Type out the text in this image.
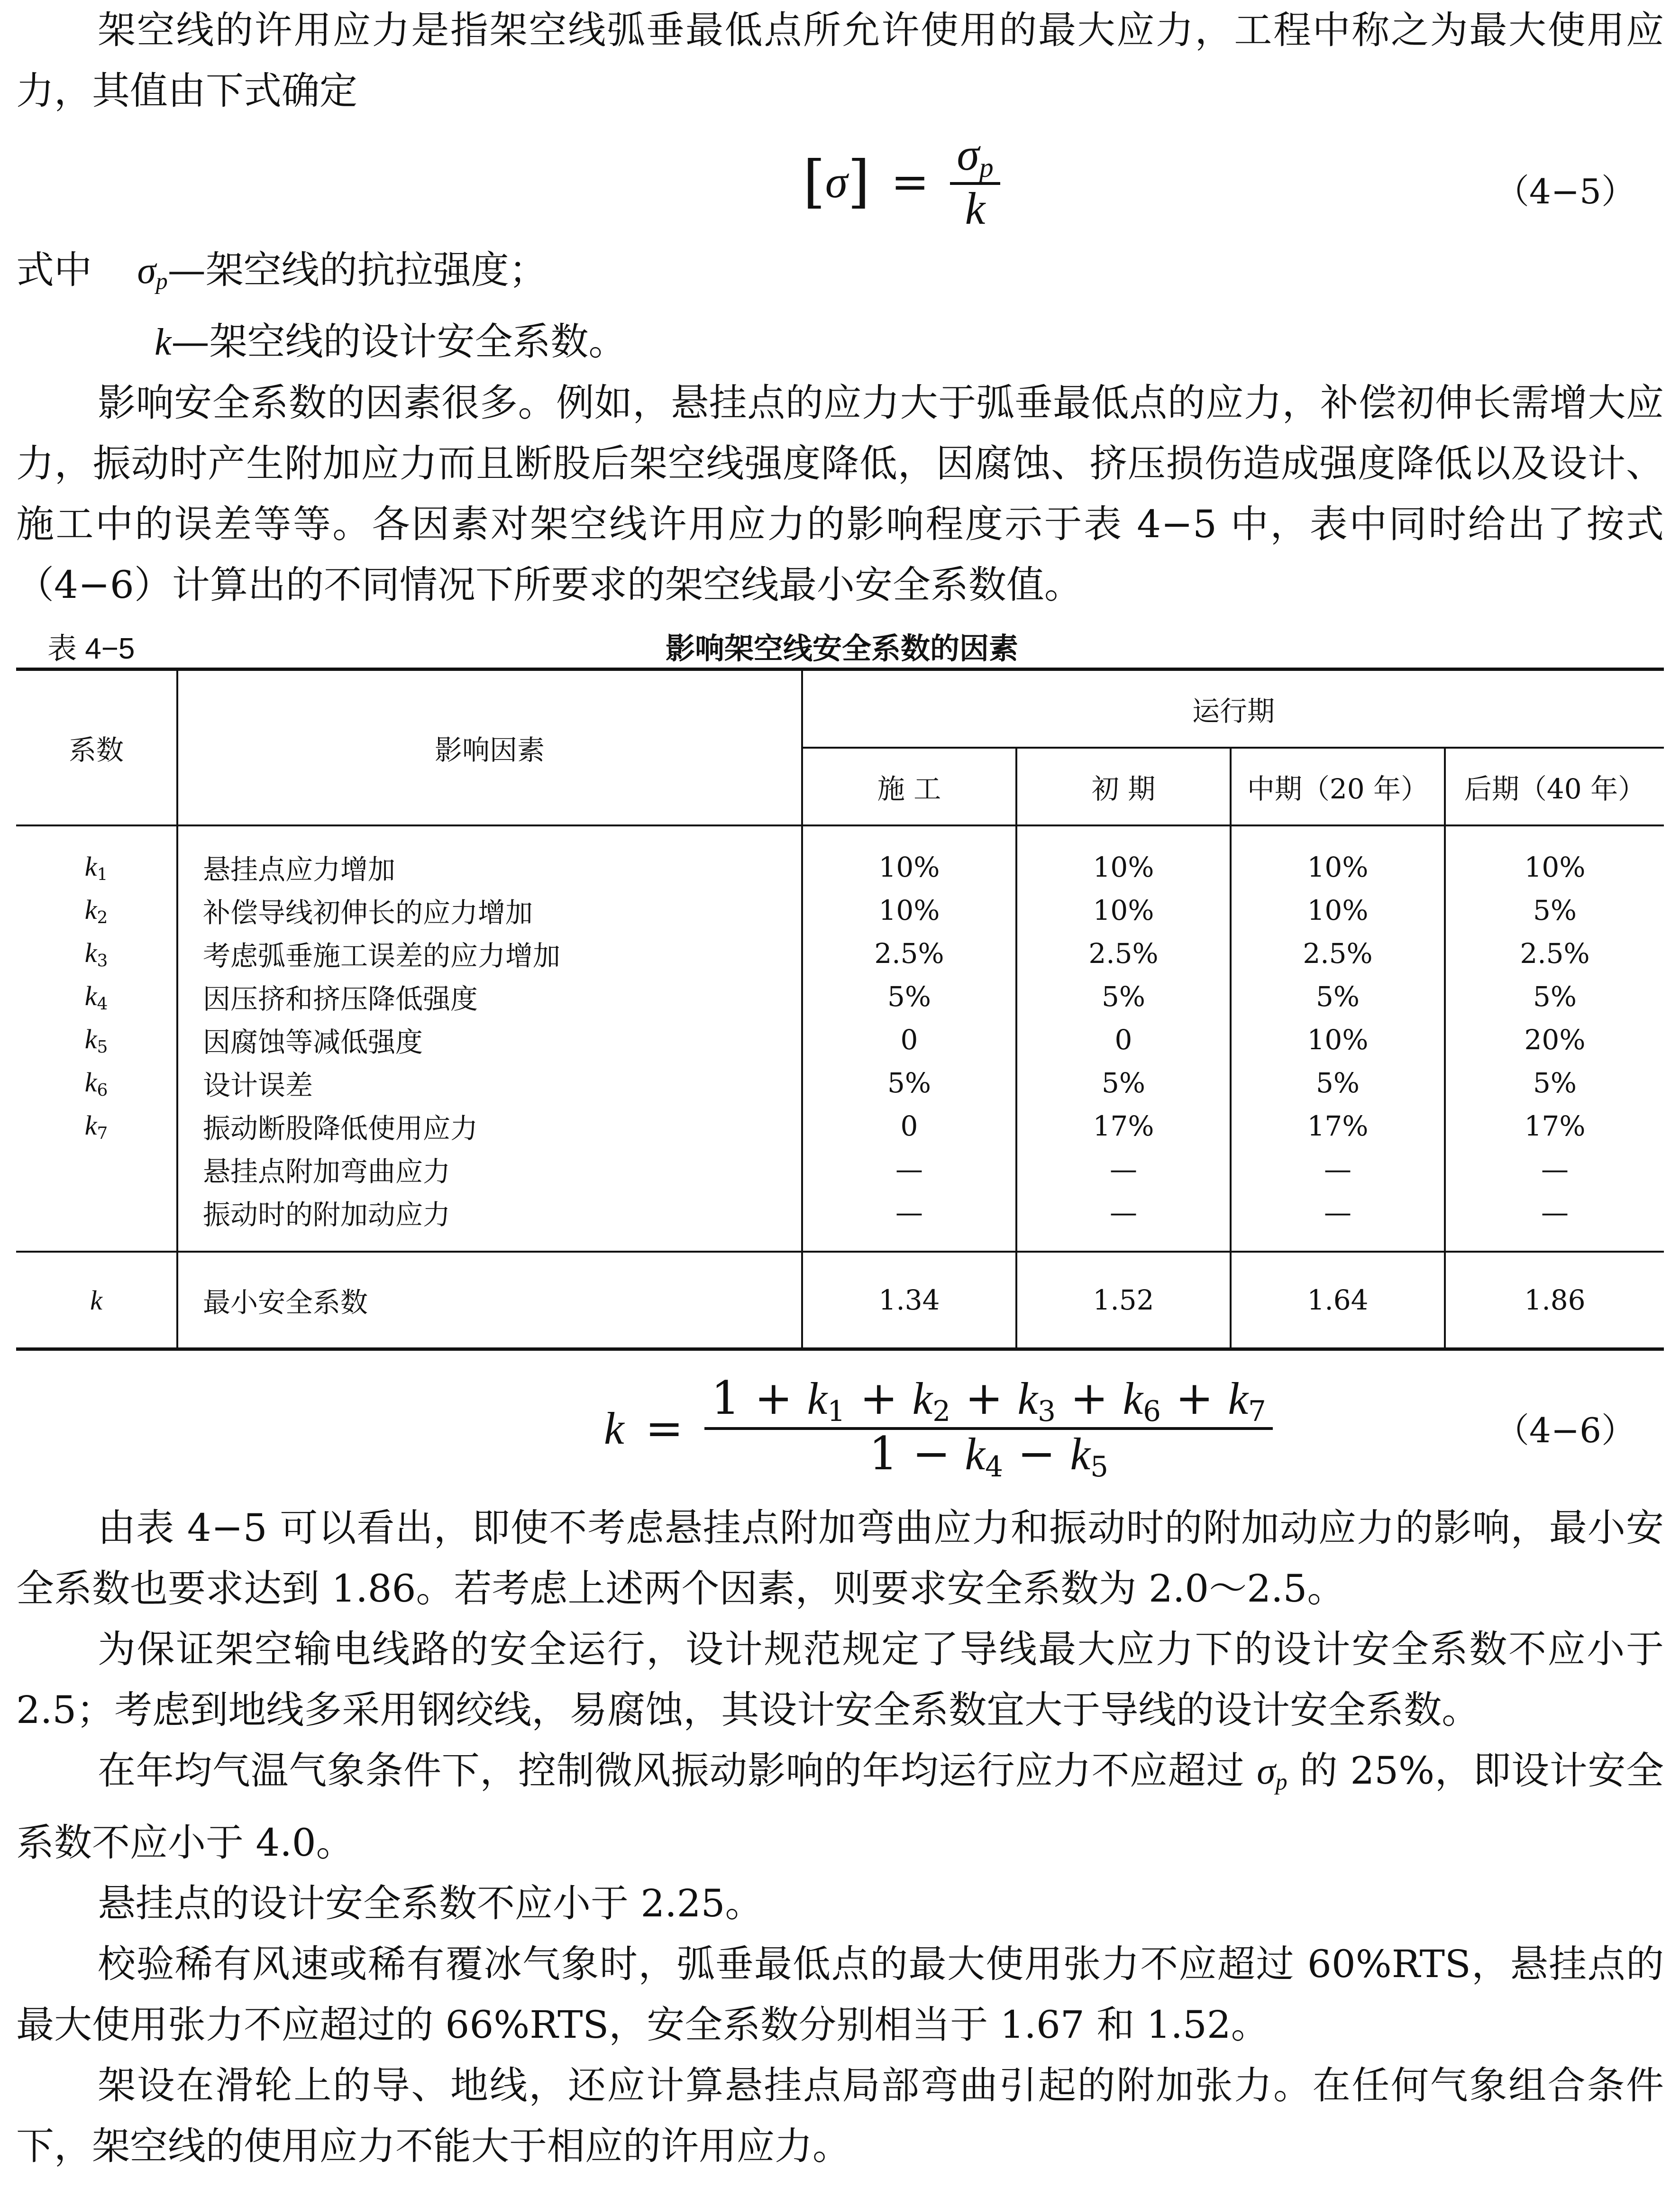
架空线的许用应力是指架空线弧垂最低点所允许使用的最大应力，工程中称之为最大使用应力，其值由下式确定

$[\sigma] = \frac{\sigma_p}{k}$	（4−5）

式中 $\sigma_p—$架空线的抗拉强度；

k—架空线的设计安全系数。

影响安全系数的因素很多。例如，悬挂点的应力大于弧垂最低点的应力，补偿初伸长需增大应力，振动时产生附加应力而且断股后架空线强度降低，因腐蚀、挤压损伤造成强度降低以及设计、施工中的误差等等。各因素对架空线许用应力的影响程度示于表 4−5 中，表中同时给出了按式（4−6）计算出的不同情况下所要求的架空线最小安全系数值。

表 4−5	影响架空线安全系数的因素
系数	影响因素	运行期			
		施 工	初 期	中期（20 年）	后期（40 年）
$k_1$	悬挂点应力增加	10%	10%	10%	10%
$k_2$	补偿导线初伸长的应力增加	10%	10%	10%	5%
$k_3$	考虑弧垂施工误差的应力增加	2.5%	2.5%	2.5%	2.5%
$k_4$	因压挤和挤压降低强度	5%	5%	5%	5%
$k_5$	因腐蚀等减低强度	0	0	10%	20%
$k_6$	设计误差	5%	5%	5%	5%
$k_7$	振动断股降低使用应力	0	17%	17%	17%
	悬挂点附加弯曲应力	—	—	—	—
	振动时的附加动应力	—	—	—	—
k	最小安全系数	1.34	1.52	1.64	1.86
$k = \frac{1 + k_1 + k_2 + k_3 + k_6 + k_7}{1 - k_4 - k_5}$	（4−6）

由表 4−5 可以看出，即使不考虑悬挂点附加弯曲应力和振动时的附加动应力的影响，最小安全系数也要求达到 1.86。若考虑上述两个因素，则要求安全系数为 2.0～2.5。

为保证架空输电线路的安全运行，设计规范规定了导线最大应力下的设计安全系数不应小于 2.5；考虑到地线多采用钢绞线，易腐蚀，其设计安全系数宜大于导线的设计安全系数。

在年均气温气象条件下，控制微风振动影响的年均运行应力不应超过 $\sigma_p$ 的 25%，即设计安全系数不应小于 4.0。

悬挂点的设计安全系数不应小于 2.25。

校验稀有风速或稀有覆冰气象时，弧垂最低点的最大使用张力不应超过 60%RTS，悬挂点的最大使用张力不应超过的 66%RTS，安全系数分别相当于 1.67 和 1.52。

架设在滑轮上的导、地线，还应计算悬挂点局部弯曲引起的附加张力。在任何气象组合条件下，架空线的使用应力不能大于相应的许用应力。
